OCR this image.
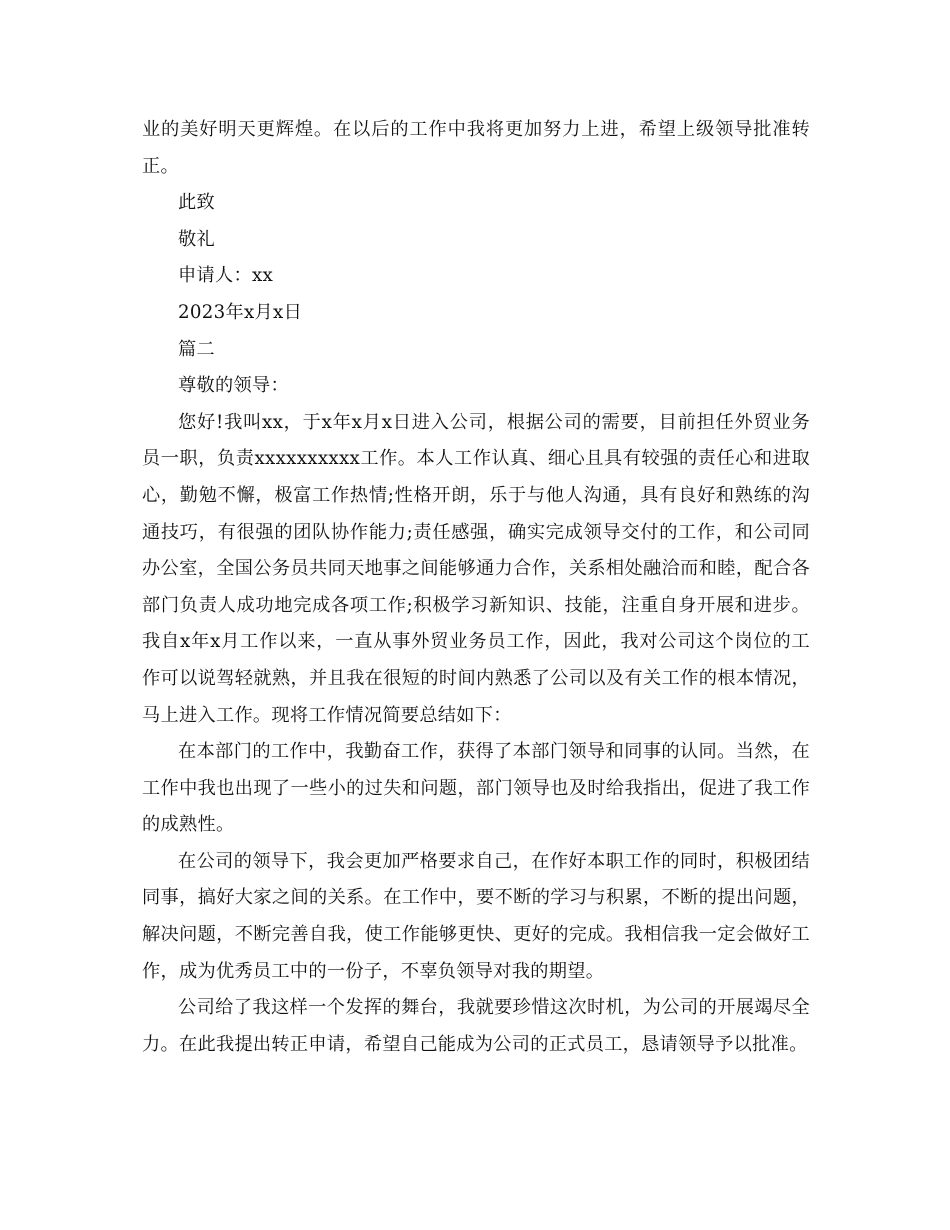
业的美好明天更辉煌。在以后的工作中我将更加努力上进，希望上级领导批准转正。

此致

敬礼

申请人：xx

2023年x月x日

篇二

尊敬的领导：

您好!我叫xx，于x年x月x日进入公司，根据公司的需要，目前担任外贸业务员一职，负责xxxxxxxxxx工作。本人工作认真、细心且具有较强的责任心和进取心，勤勉不懈，极富工作热情;性格开朗，乐于与他人沟通，具有良好和熟练的沟通技巧，有很强的团队协作能力;责任感强，确实完成领导交付的工作，和公司同办公室，全国公务员共同天地事之间能够通力合作，关系相处融洽而和睦，配合各部门负责人成功地完成各项工作;积极学习新知识、技能，注重自身开展和进步。我自x年x月工作以来，一直从事外贸业务员工作，因此，我对公司这个岗位的工作可以说驾轻就熟，并且我在很短的时间内熟悉了公司以及有关工作的根本情况，马上进入工作。现将工作情况简要总结如下：

在本部门的工作中，我勤奋工作，获得了本部门领导和同事的认同。当然，在工作中我也出现了一些小的过失和问题，部门领导也及时给我指出，促进了我工作的成熟性。

在公司的领导下，我会更加严格要求自己，在作好本职工作的同时，积极团结同事，搞好大家之间的关系。在工作中，要不断的学习与积累，不断的提出问题，解决问题，不断完善自我，使工作能够更快、更好的完成。我相信我一定会做好工作，成为优秀员工中的一份子，不辜负领导对我的期望。

公司给了我这样一个发挥的舞台，我就要珍惜这次时机，为公司的开展竭尽全力。在此我提出转正申请，希望自己能成为公司的正式员工，恳请领导予以批准。
